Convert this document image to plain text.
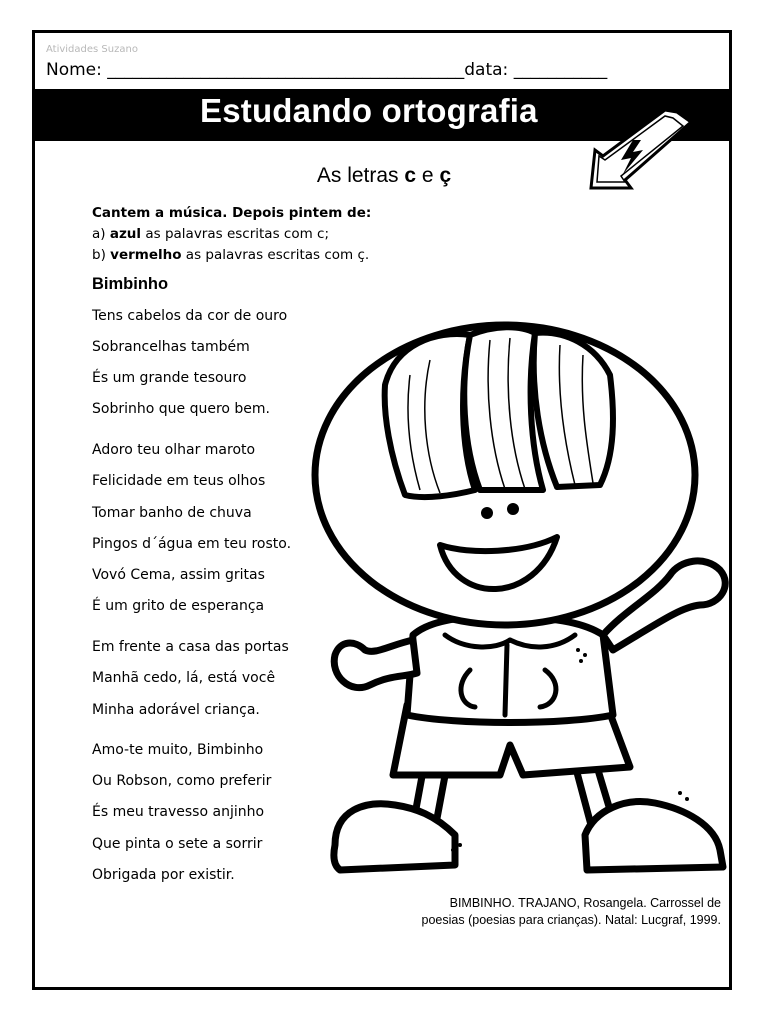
Atividades Suzano
Nome: __________________________________________data: ___________
Estudando ortografia
As letras c e ç
Cantem a música. Depois pintem de:
a) azul as palavras escritas com c;
b) vermelho as palavras escritas com ç.
Bimbinho
Tens cabelos da cor de ouro
Sobrancelhas também
És um grande tesouro
Sobrinho que quero bem.
Adoro teu olhar maroto
Felicidade em teus olhos
Tomar banho de chuva
Pingos d´água em teu rosto.
Vovó Cema, assim gritas
É um grito de esperança
Em frente a casa das portas
Manhã cedo, lá, está você
Minha adorável criança.
Amo-te muito, Bimbinho
Ou Robson, como preferir
És meu travesso anjinho
Que pinta o sete a sorrir
Obrigada por existir.
BIMBINHO. TRAJANO, Rosangela. Carrossel de
poesias (poesias para crianças). Natal: Lucgraf, 1999.
